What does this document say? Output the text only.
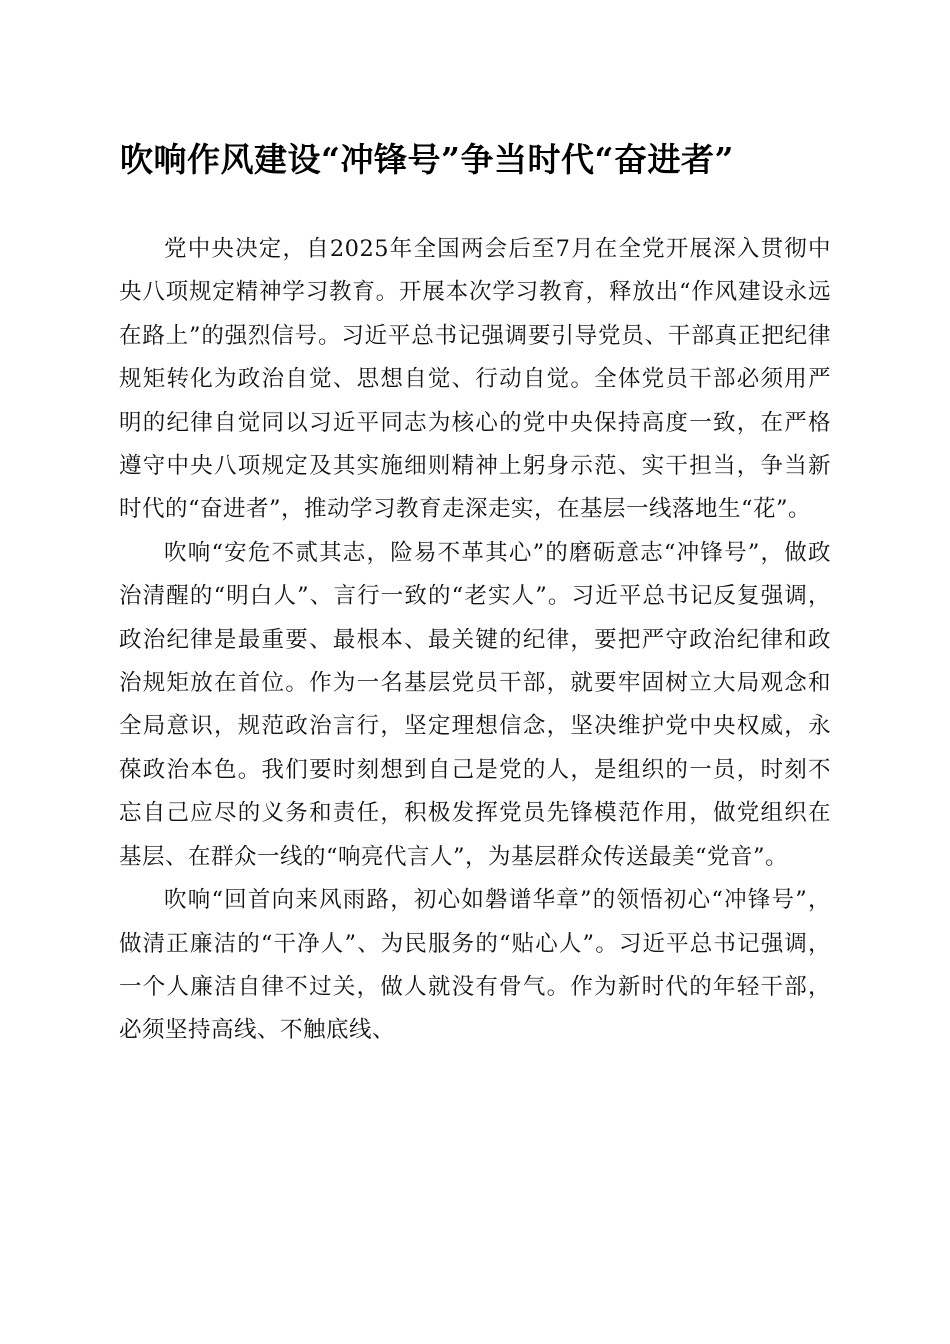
吹响作风建设“冲锋号”争当时代“奋进者”

党中央决定，自2025年全国两会后至7月在全党开展深入贯彻中央八项规定精神学习教育。开展本次学习教育，释放出“作风建设永远在路上”的强烈信号。习近平总书记强调要引导党员、干部真正把纪律规矩转化为政治自觉、思想自觉、行动自觉。全体党员干部必须用严明的纪律自觉同以习近平同志为核心的党中央保持高度一致，在严格遵守中央八项规定及其实施细则精神上躬身示范、实干担当，争当新时代的“奋进者”，推动学习教育走深走实，在基层一线落地生“花”。

吹响“安危不贰其志，险易不革其心”的磨砺意志“冲锋号”，做政治清醒的“明白人”、言行一致的“老实人”。习近平总书记反复强调，政治纪律是最重要、最根本、最关键的纪律，要把严守政治纪律和政治规矩放在首位。作为一名基层党员干部，就要牢固树立大局观念和全局意识，规范政治言行，坚定理想信念，坚决维护党中央权威，永葆政治本色。我们要时刻想到自己是党的人，是组织的一员，时刻不忘自己应尽的义务和责任，积极发挥党员先锋模范作用，做党组织在基层、在群众一线的“响亮代言人”，为基层群众传送最美“党音”。

吹响“回首向来风雨路，初心如磐谱华章”的领悟初心“冲锋号”，做清正廉洁的“干净人”、为民服务的“贴心人”。习近平总书记强调，一个人廉洁自律不过关，做人就没有骨气。作为新时代的年轻干部，必须坚持高线、不触底线、
